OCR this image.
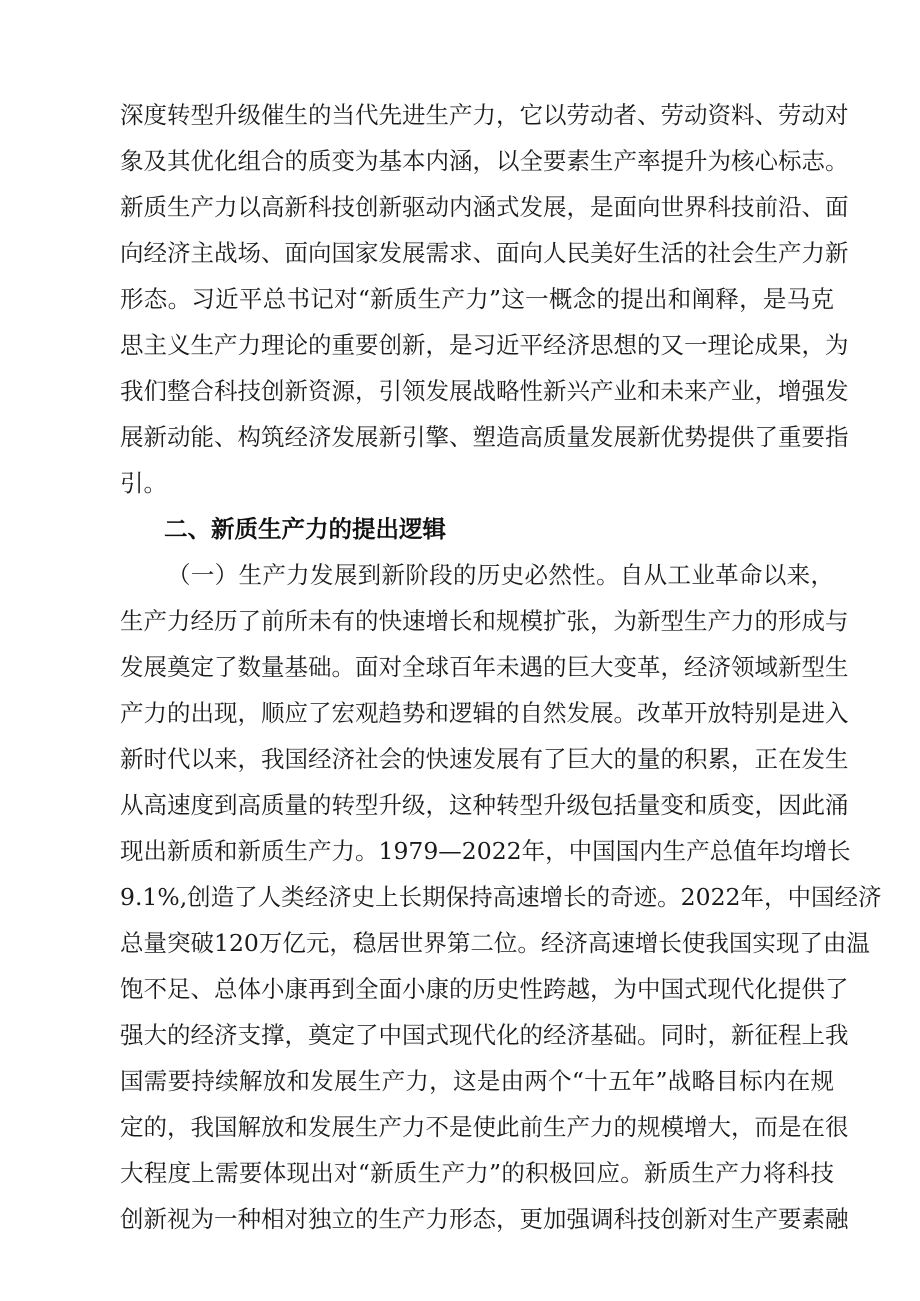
深度转型升级催生的当代先进生产力，它以劳动者、劳动资料、劳动对
象及其优化组合的质变为基本内涵，以全要素生产率提升为核心标志。
新质生产力以高新科技创新驱动内涵式发展，是面向世界科技前沿、面
向经济主战场、面向国家发展需求、面向人民美好生活的社会生产力新
形态。习近平总书记对“新质生产力”这一概念的提出和阐释，是马克
思主义生产力理论的重要创新，是习近平经济思想的又一理论成果，为
我们整合科技创新资源，引领发展战略性新兴产业和未来产业，增强发
展新动能、构筑经济发展新引擎、塑造高质量发展新优势提供了重要指
引。
二、新质生产力的提出逻辑
（一）生产力发展到新阶段的历史必然性。自从工业革命以来，
生产力经历了前所未有的快速增长和规模扩张，为新型生产力的形成与
发展奠定了数量基础。面对全球百年未遇的巨大变革，经济领域新型生
产力的出现，顺应了宏观趋势和逻辑的自然发展。改革开放特别是进入
新时代以来，我国经济社会的快速发展有了巨大的量的积累，正在发生
从高速度到高质量的转型升级，这种转型升级包括量变和质变，因此涌
现出新质和新质生产力。1979—2022年，中国国内生产总值年均增长
9.1%,创造了人类经济史上长期保持高速增长的奇迹。2022年，中国经济
总量突破120万亿元，稳居世界第二位。经济高速增长使我国实现了由温
饱不足、总体小康再到全面小康的历史性跨越，为中国式现代化提供了
强大的经济支撑，奠定了中国式现代化的经济基础。同时，新征程上我
国需要持续解放和发展生产力，这是由两个“十五年”战略目标内在规
定的，我国解放和发展生产力不是使此前生产力的规模增大，而是在很
大程度上需要体现出对“新质生产力”的积极回应。新质生产力将科技
创新视为一种相对独立的生产力形态，更加强调科技创新对生产要素融
